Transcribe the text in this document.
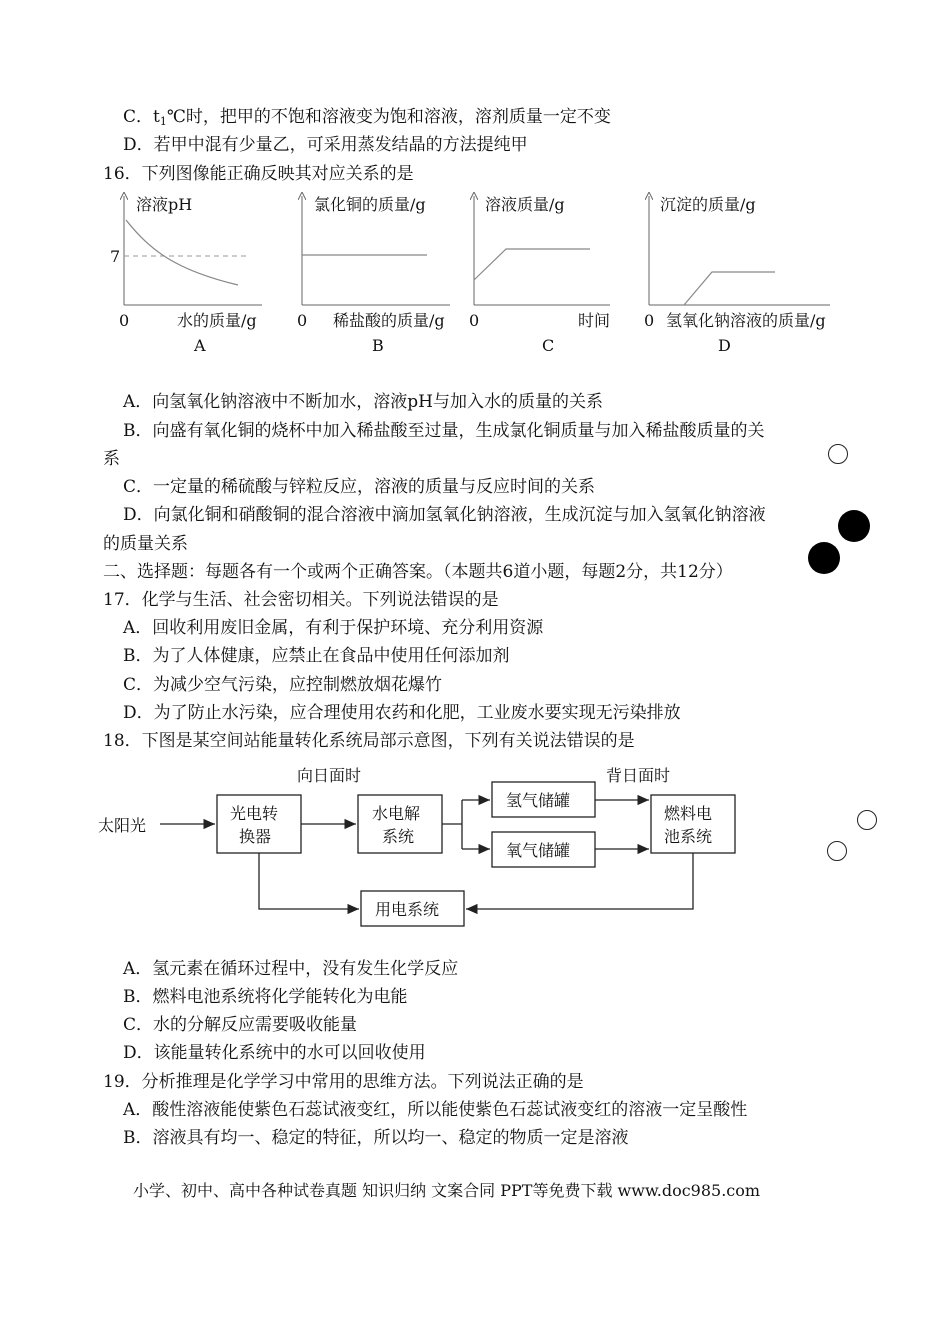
C．$t_1℃$时，把甲的不饱和溶液变为饱和溶液，溶剂质量一定不变
D．若甲中混有少量乙，可采用蒸发结晶的方法提纯甲
16．下列图像能正确反映其对应关系的是
溶液pH
7
0	水的质量/g
A
氯化铜的质量/g
0 稀盐酸的质量/g
B
溶液质量/g
0	时间
C
沉淀的质量/g
0 氢氧化钠溶液的质量/g
D
A．向氢氧化钠溶液中不断加水，溶液pH与加入水的质量的关系
B．向盛有氧化铜的烧杯中加入稀盐酸至过量，生成氯化铜质量与加入稀盐酸质量的关
系
C．一定量的稀硫酸与锌粒反应，溶液的质量与反应时间的关系
D．向氯化铜和硝酸铜的混合溶液中滴加氢氧化钠溶液，生成沉淀与加入氢氧化钠溶液
的质量关系
二、选择题：每题各有一个或两个正确答案。（本题共6道小题，每题2分，共12分）
17．化学与生活、社会密切相关。下列说法错误的是
A．回收利用废旧金属，有利于保护环境、充分利用资源
B．为了人体健康，应禁止在食品中使用任何添加剂
C．为减少空气污染，应控制燃放烟花爆竹
D．为了防止水污染，应合理使用农药和化肥，工业废水要实现无污染排放
18．下图是某空间站能量转化系统局部示意图，下列有关说法错误的是
向日面时	背日面时
太阳光
光电转
换器
水电解
系统
氢气储罐
氧气储罐
燃料电
池系统
用电系统
A．氢元素在循环过程中，没有发生化学反应
B．燃料电池系统将化学能转化为电能
C．水的分解反应需要吸收能量
D．该能量转化系统中的水可以回收使用
19．分析推理是化学学习中常用的思维方法。下列说法正确的是
A．酸性溶液能使紫色石蕊试液变红，所以能使紫色石蕊试液变红的溶液一定呈酸性
B．溶液具有均一、稳定的特征，所以均一、稳定的物质一定是溶液
小学、初中、高中各种试卷真题 知识归纳 文案合同 PPT等免费下载 www.doc985.com
